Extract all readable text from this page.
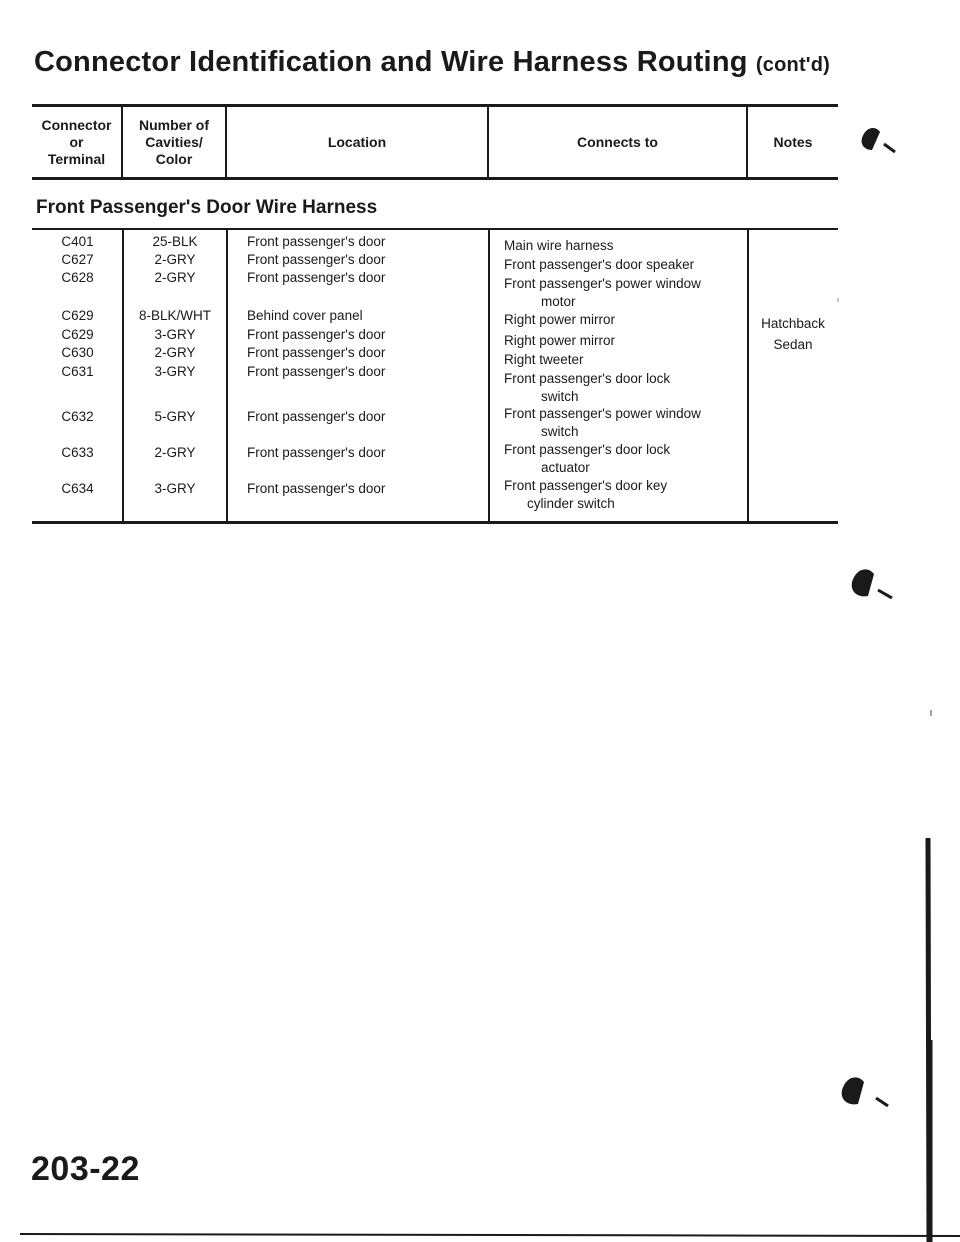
Connector Identification and Wire Harness Routing (cont'd)
Connector
or
Terminal
Number of
Cavities/
Color
Location	Connects to	Notes
Front Passenger's Door Wire Harness
C401
C627
C628
C629
C629
C630
C631
C632
C633
C634
25-BLK
2-GRY
2-GRY
8-BLK/WHT
3-GRY
2-GRY
3-GRY
5-GRY
2-GRY
3-GRY
Front passenger's door
Front passenger's door
Front passenger's door
Behind cover panel
Front passenger's door
Front passenger's door
Front passenger's door
Front passenger's door
Front passenger's door
Front passenger's door
Main wire harness
Front passenger's door speaker
Front passenger's power window
motor
Right power mirror
Right power mirror
Right tweeter
Front passenger's door lock
switch
Front passenger's power window
switch
Front passenger's door lock
actuator
Front passenger's door key
cylinder switch
Hatchback
Sedan
203-22
